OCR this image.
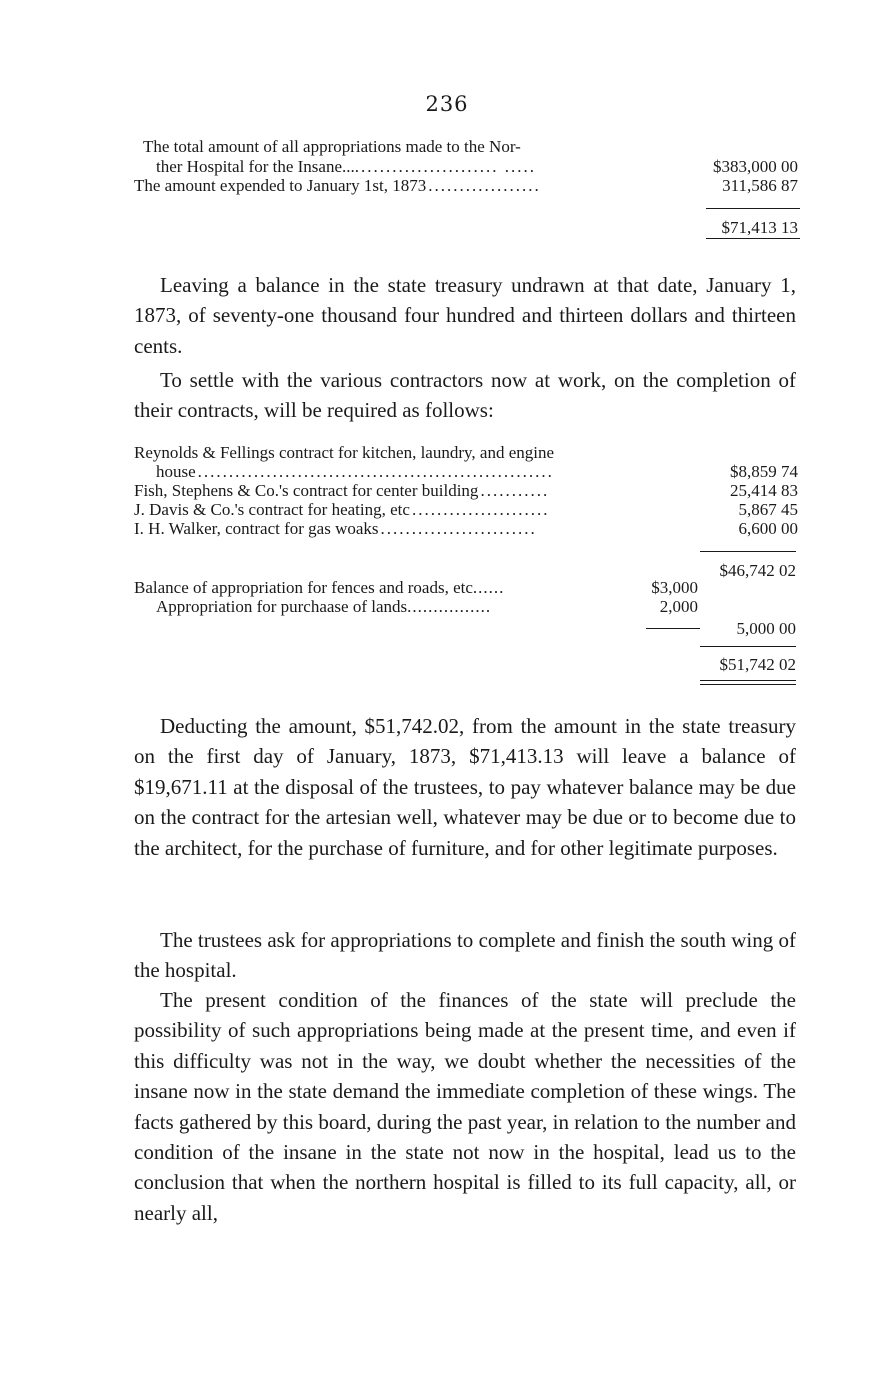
236
The total amount of all appropriations made to the Nor-
ther Hospital for the Insane.... ...................... .....	$383,000 00
The amount expended to January 1st, 1873 ..................	311,586 87
$71,413 13
Leaving a balance in the state treasury undrawn at that date, January 1, 1873, of seventy-one thousand four hundred and thirteen dollars and thirteen cents.
To settle with the various contractors now at work, on the completion of their contracts, will be required as follows:
Reynolds & Fellings contract for kitchen, laundry, and engine
house .........................................................	$8,859 74
Fish, Stephens & Co.'s contract for center building ...........	25,414 83
J. Davis & Co.'s contract for heating, etc ......................	5,867 45
I. H. Walker, contract for gas woaks .........................	6,600 00
$46,742 02
Balance of appropriation for fences and roads, etc ......	$3,000
Appropriation for purchaase of lands ................	2,000
5,000 00
$51,742 02
Deducting the amount, $51,742.02, from the amount in the state treasury on the first day of January, 1873, $71,413.13 will leave a balance of $19,671.11 at the disposal of the trustees, to pay whatever balance may be due on the contract for the artesian well, whatever may be due or to become due to the architect, for the purchase of furniture, and for other legitimate purposes.
The trustees ask for appropriations to complete and finish the south wing of the hospital.
The present condition of the finances of the state will preclude the possibility of such appropriations being made at the present time, and even if this difficulty was not in the way, we doubt whether the necessities of the insane now in the state demand the immediate completion of these wings. The facts gathered by this board, during the past year, in relation to the number and condition of the insane in the state not now in the hospital, lead us to the conclusion that when the northern hospital is filled to its full capacity, all, or nearly all,
